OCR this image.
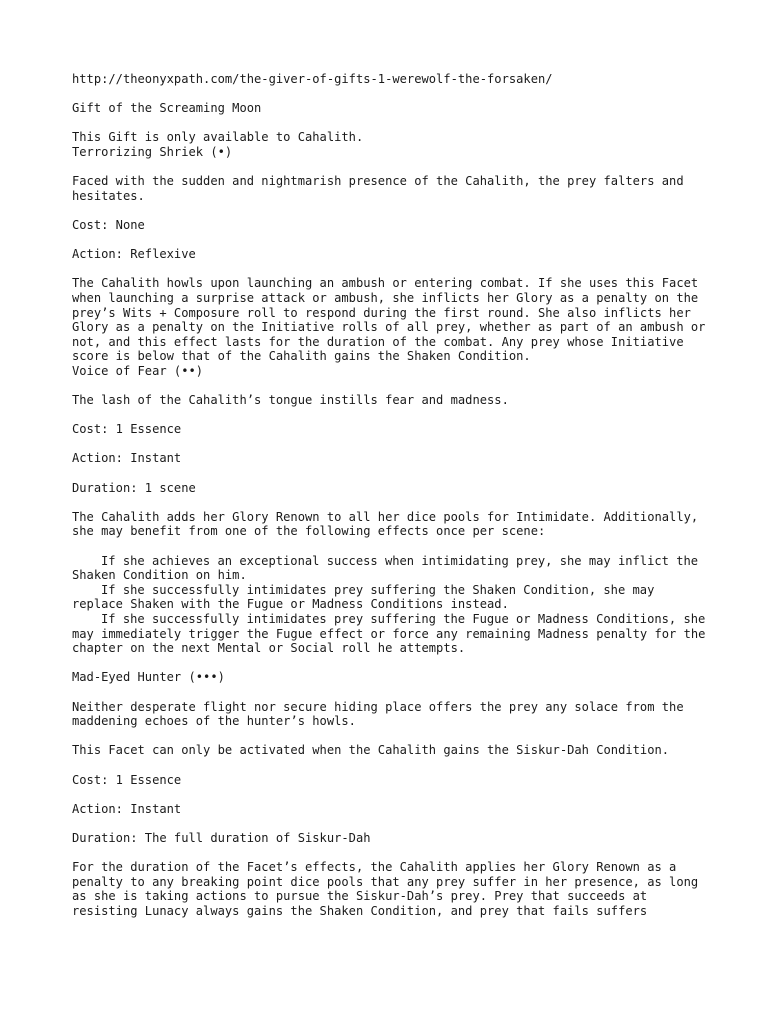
http://theonyxpath.com/the-giver-of-gifts-1-werewolf-the-forsaken/

Gift of the Screaming Moon

This Gift is only available to Cahalith.

Terrorizing Shriek (•)

Faced with the sudden and nightmarish presence of the Cahalith, the prey falters and hesitates.

Cost: None

Action: Reflexive

The Cahalith howls upon launching an ambush or entering combat. If she uses this Facet when launching a surprise attack or ambush, she inflicts her Glory as a penalty on the prey’s Wits + Composure roll to respond during the first round. She also inflicts her Glory as a penalty on the Initiative rolls of all prey, whether as part of an ambush or not, and this effect lasts for the duration of the combat. Any prey whose Initiative score is below that of the Cahalith gains the Shaken Condition.

Voice of Fear (••)

The lash of the Cahalith’s tongue instills fear and madness.

Cost: 1 Essence

Action: Instant

Duration: 1 scene

The Cahalith adds her Glory Renown to all her dice pools for Intimidate. Additionally, she may benefit from one of the following effects once per scene:

If she achieves an exceptional success when intimidating prey, she may inflict the Shaken Condition on him.
If she successfully intimidates prey suffering the Shaken Condition, she may replace Shaken with the Fugue or Madness Conditions instead.
If she successfully intimidates prey suffering the Fugue or Madness Conditions, she may immediately trigger the Fugue effect or force any remaining Madness penalty for the chapter on the next Mental or Social roll he attempts.

Mad-Eyed Hunter (•••)

Neither desperate flight nor secure hiding place offers the prey any solace from the maddening echoes of the hunter’s howls.

This Facet can only be activated when the Cahalith gains the Siskur-Dah Condition.

Cost: 1 Essence

Action: Instant

Duration: The full duration of Siskur-Dah

For the duration of the Facet’s effects, the Cahalith applies her Glory Renown as a penalty to any breaking point dice pools that any prey suffer in her presence, as long as she is taking actions to pursue the Siskur-Dah’s prey. Prey that succeeds at resisting Lunacy always gains the Shaken Condition, and prey that fails suffers
